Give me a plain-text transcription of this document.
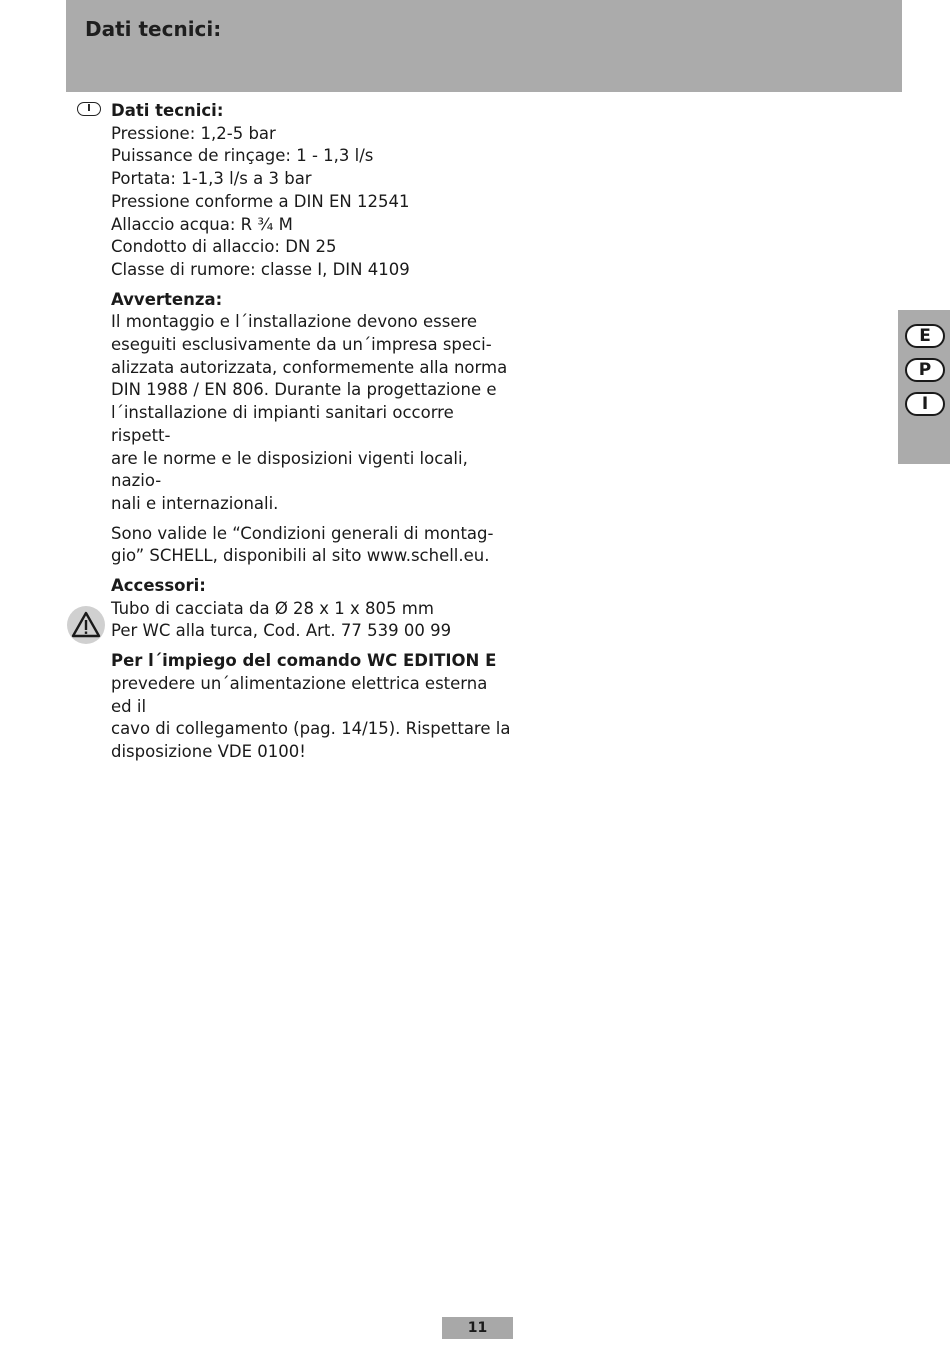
Dati tecnici:
I	Dati tecnici:

Pressione: 1,2-5 bar

Puissance de rinçage: 1 - 1,3 l/s

Portata: 1-1,3 l/s a 3 bar

Pressione conforme a DIN EN 12541

Allaccio acqua: R ¾ M

Condotto di allaccio: DN 25

Classe di rumore: classe I, DIN 4109

Avvertenza:

Il montaggio e l´installazione devono essere

eseguiti esclusivamente da un´impresa speci-

alizzata autorizzata, conformemente alla norma

DIN 1988 / EN 806. Durante la progettazione e

l´installazione di impianti sanitari occorre rispett-

are le norme e le disposizioni vigenti locali, nazio-

nali e internazionali.

Sono valide le “Condizioni generali di montag-

gio” SCHELL, disponibili al sito www.schell.eu.

Accessori:

Tubo di cacciata da Ø 28 x 1 x 805 mm

Per WC alla turca, Cod. Art. 77 539 00 99

Per l´impiego del comando WC EDITION E

prevedere un´alimentazione elettrica esterna ed il

cavo di collegamento (pag. 14/15). Rispettare la

disposizione VDE 0100!

E
P
I
11
